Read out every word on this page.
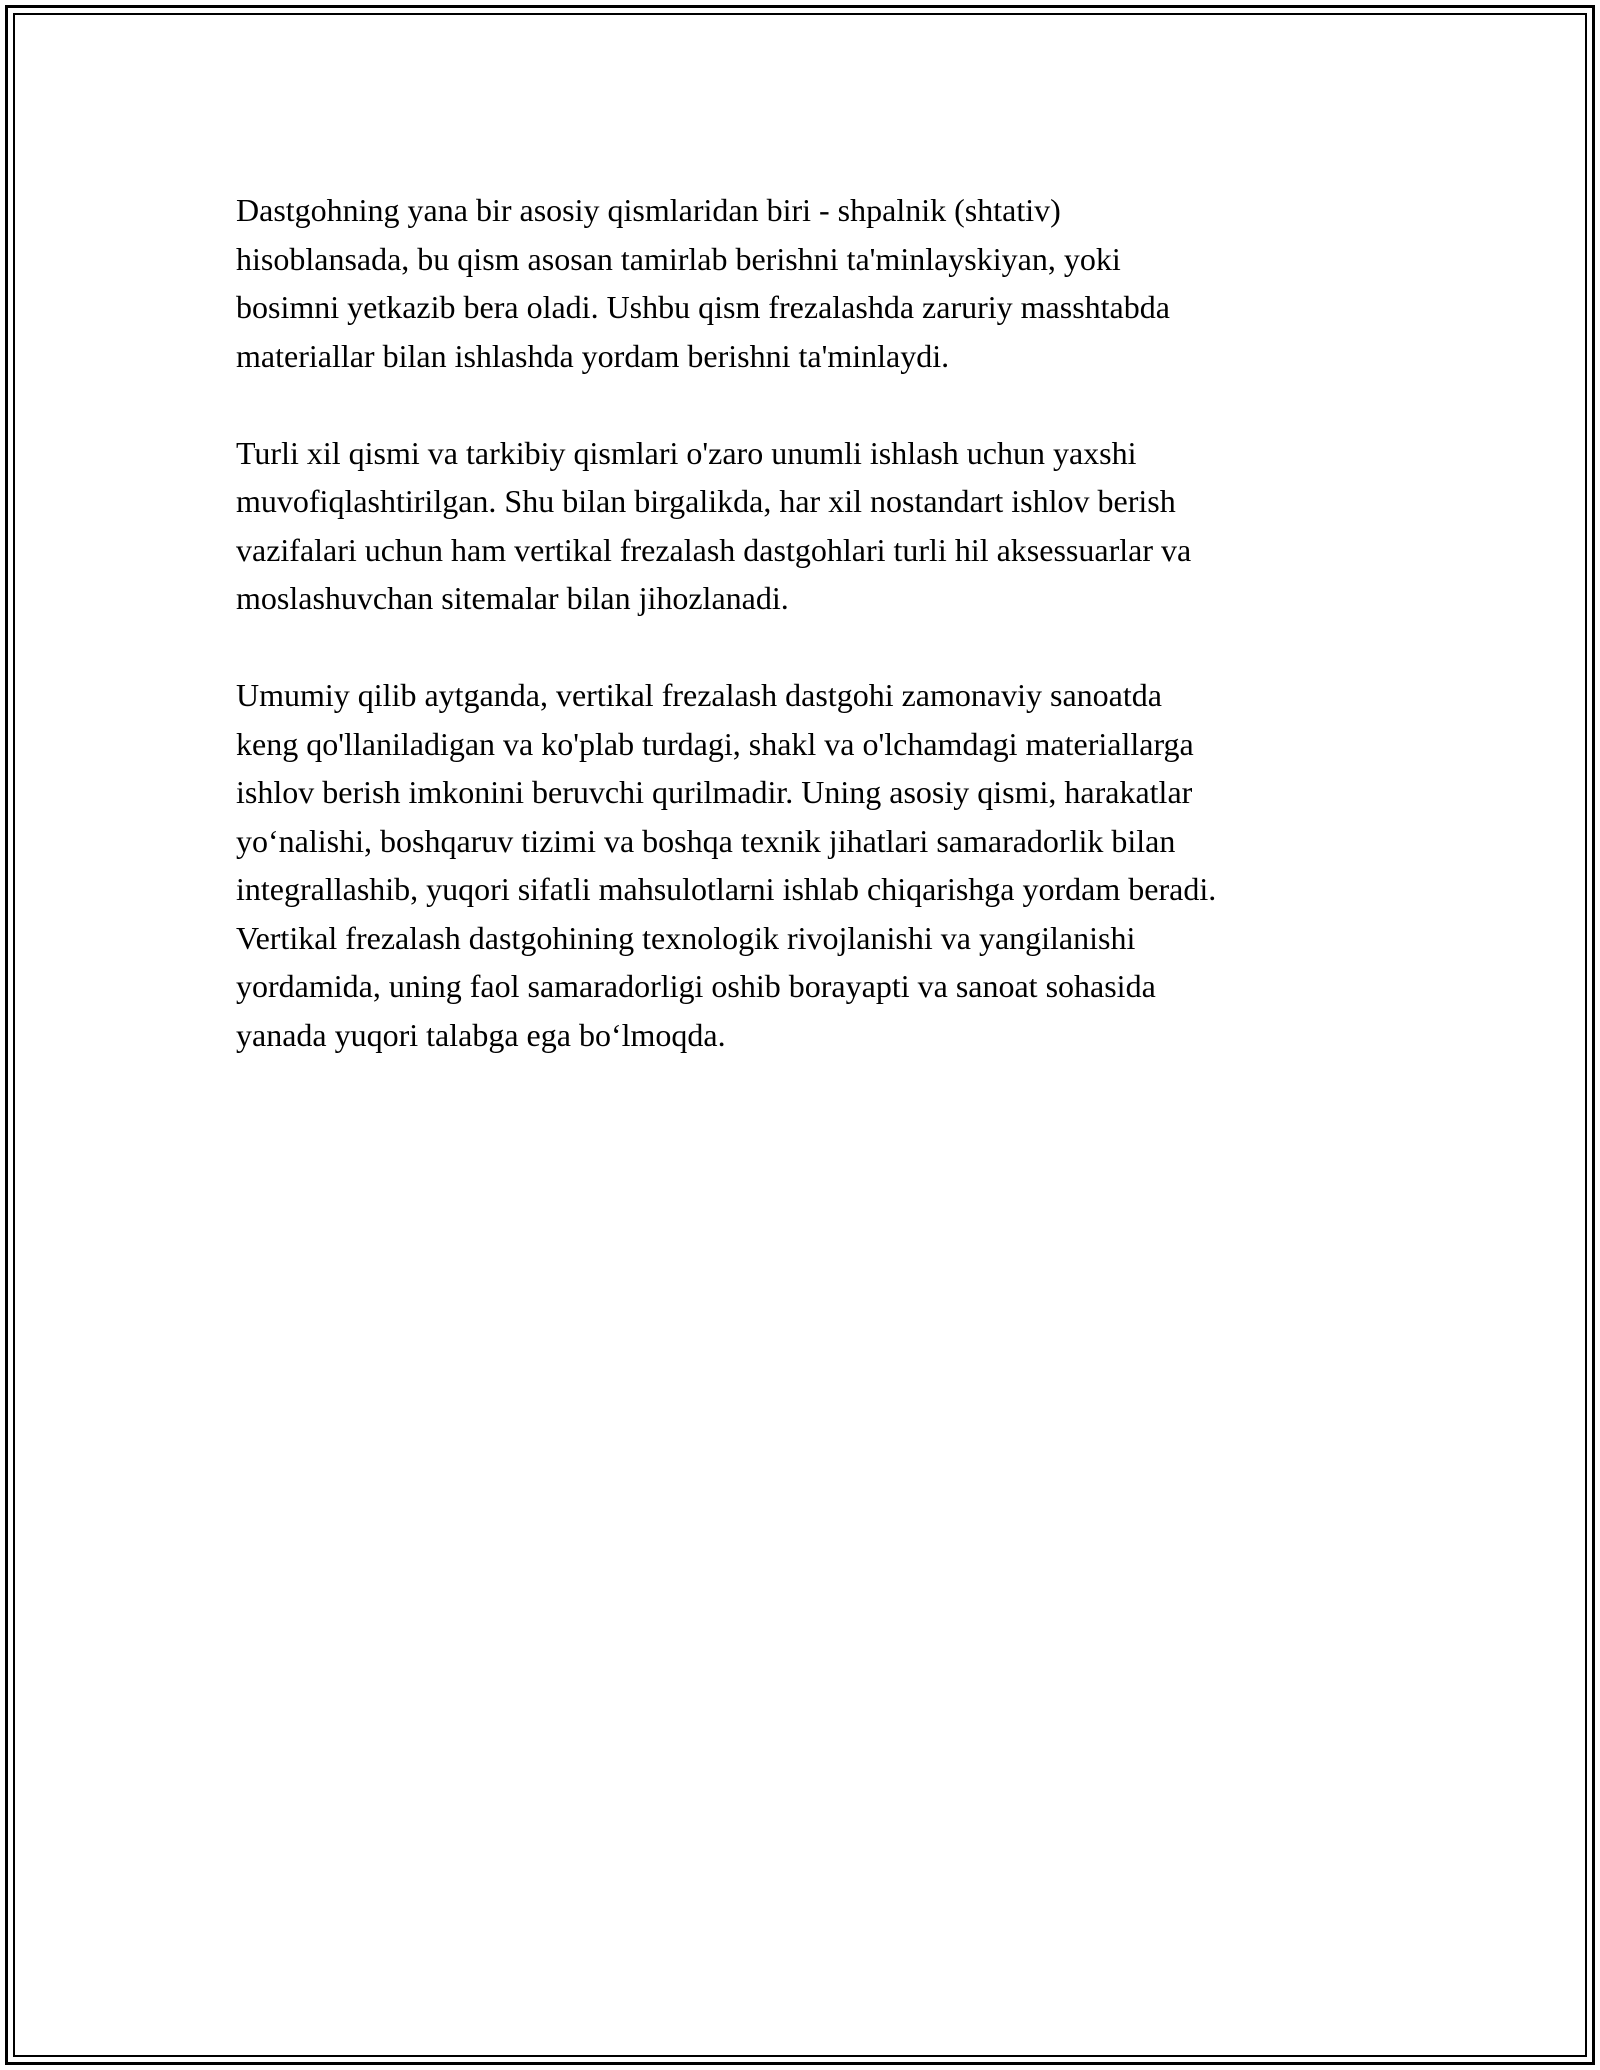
Dastgohning yana bir asosiy qismlaridan biri - shpalnik (shtativ)
hisoblansada, bu qism asosan tamirlab berishni ta'minlayskiyan, yoki
bosimni yetkazib bera oladi. Ushbu qism frezalashda zaruriy masshtabda
materiallar bilan ishlashda yordam berishni ta'minlaydi.

Turli xil qismi va tarkibiy qismlari o'zaro unumli ishlash uchun yaxshi
muvofiqlashtirilgan. Shu bilan birgalikda, har xil nostandart ishlov berish
vazifalari uchun ham vertikal frezalash dastgohlari turli hil aksessuarlar va
moslashuvchan sitemalar bilan jihozlanadi.

Umumiy qilib aytganda, vertikal frezalash dastgohi zamonaviy sanoatda
keng qo'llaniladigan va ko'plab turdagi, shakl va o'lchamdagi materiallarga
ishlov berish imkonini beruvchi qurilmadir. Uning asosiy qismi, harakatlar
yo‘nalishi, boshqaruv tizimi va boshqa texnik jihatlari samaradorlik bilan
integrallashib, yuqori sifatli mahsulotlarni ishlab chiqarishga yordam beradi.
Vertikal frezalash dastgohining texnologik rivojlanishi va yangilanishi
yordamida, uning faol samaradorligi oshib borayapti va sanoat sohasida
yanada yuqori talabga ega bo‘lmoqda.
